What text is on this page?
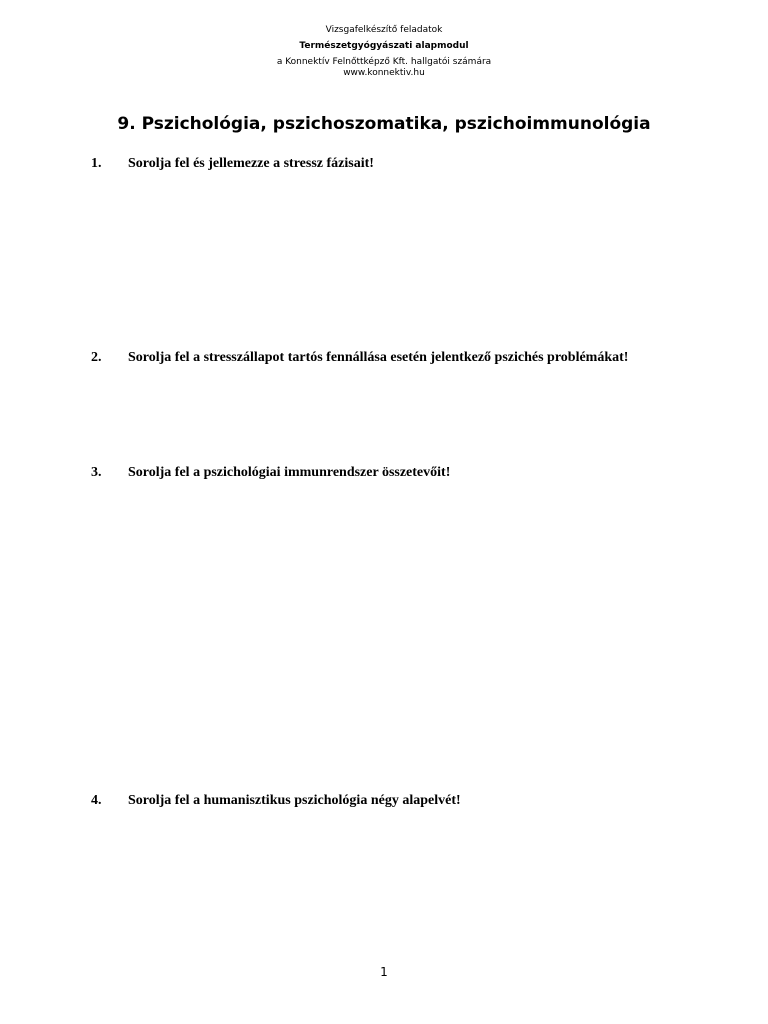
Vizsgafelkészítő feladatok
Természetgyógyászati alapmodul
a Konnektív Felnőttképző Kft. hallgatói számára
www.konnektiv.hu
9. Pszichológia, pszichoszomatika, pszichoimmunológia
1. Sorolja fel és jellemezze a stressz fázisait!
2. Sorolja fel a stresszállapot tartós fennállása esetén jelentkező pszichés problémákat!
3. Sorolja fel a pszichológiai immunrendszer összetevőit!
4. Sorolja fel a humanisztikus pszichológia négy alapelvét!
1
